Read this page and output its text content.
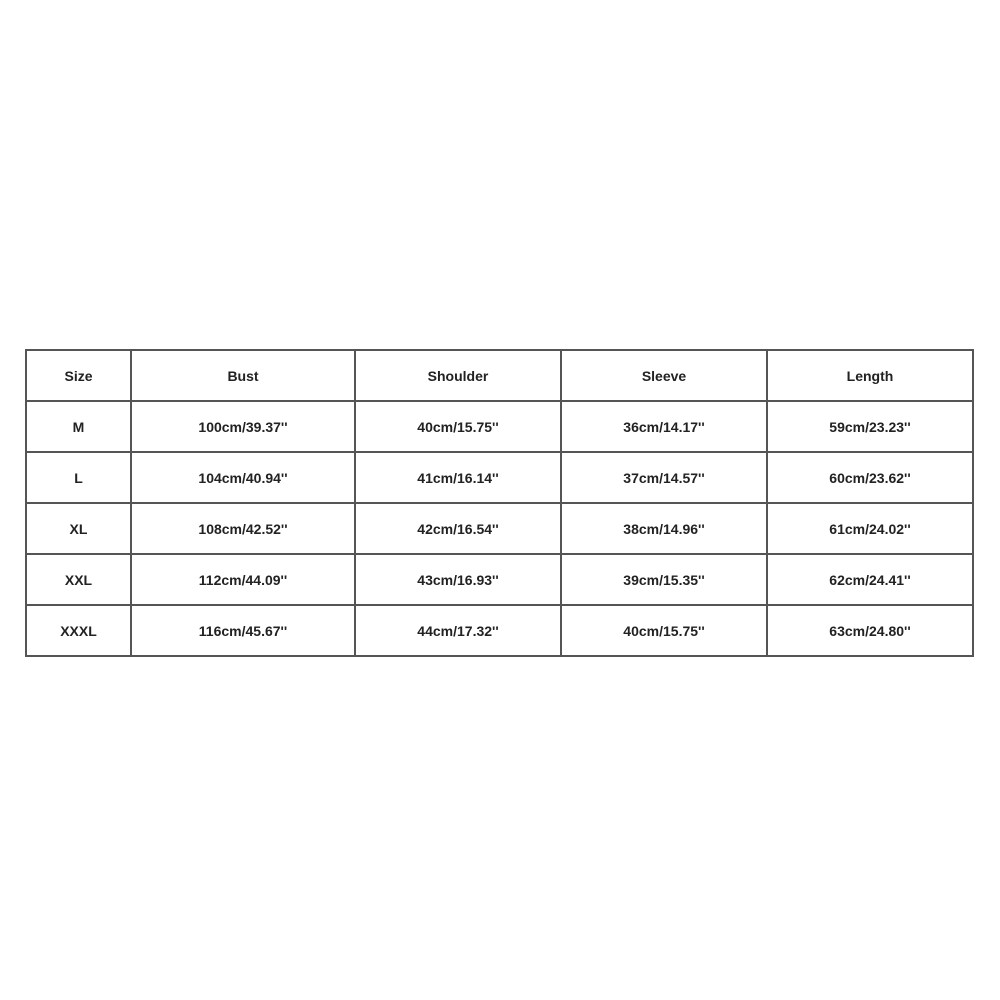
Size	Bust	Shoulder	Sleeve	Length
M	100cm/39.37''	40cm/15.75''	36cm/14.17''	59cm/23.23''
L	104cm/40.94''	41cm/16.14''	37cm/14.57''	60cm/23.62''
XL	108cm/42.52''	42cm/16.54''	38cm/14.96''	61cm/24.02''
XXL	112cm/44.09''	43cm/16.93''	39cm/15.35''	62cm/24.41''
XXXL	116cm/45.67''	44cm/17.32''	40cm/15.75''	63cm/24.80''
